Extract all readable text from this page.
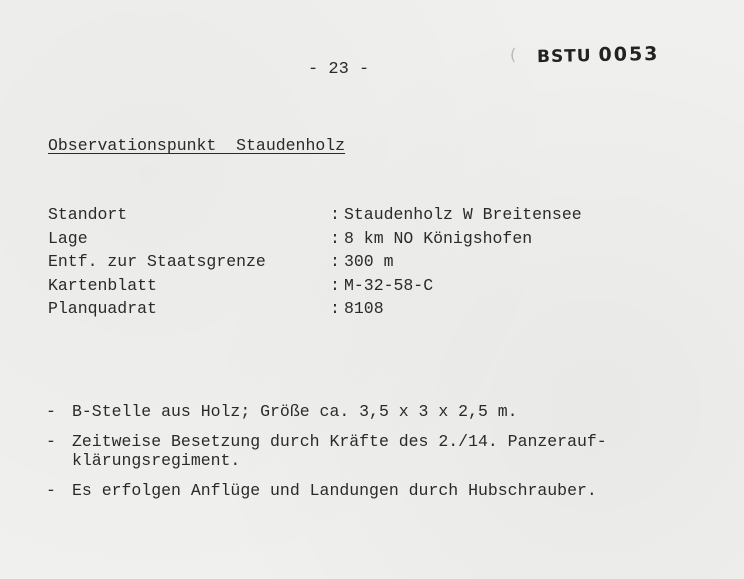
- 23 -
( BSTU 0053
Observationspunkt  Staudenholz
Standort	: Staudenholz W Breitensee
Lage	: 8 km NO Königshofen
Entf. zur Staatsgrenze	: 300 m
Kartenblatt	: M-32-58-C
Planquadrat	: 8108
- B-Stelle aus Holz; Größe ca. 3,5 x 3 x 2,5 m.
- Zeitweise Besetzung durch Kräfte des 2./14. Panzerauf-
klärungsregiment.
- Es erfolgen Anflüge und Landungen durch Hubschrauber.
